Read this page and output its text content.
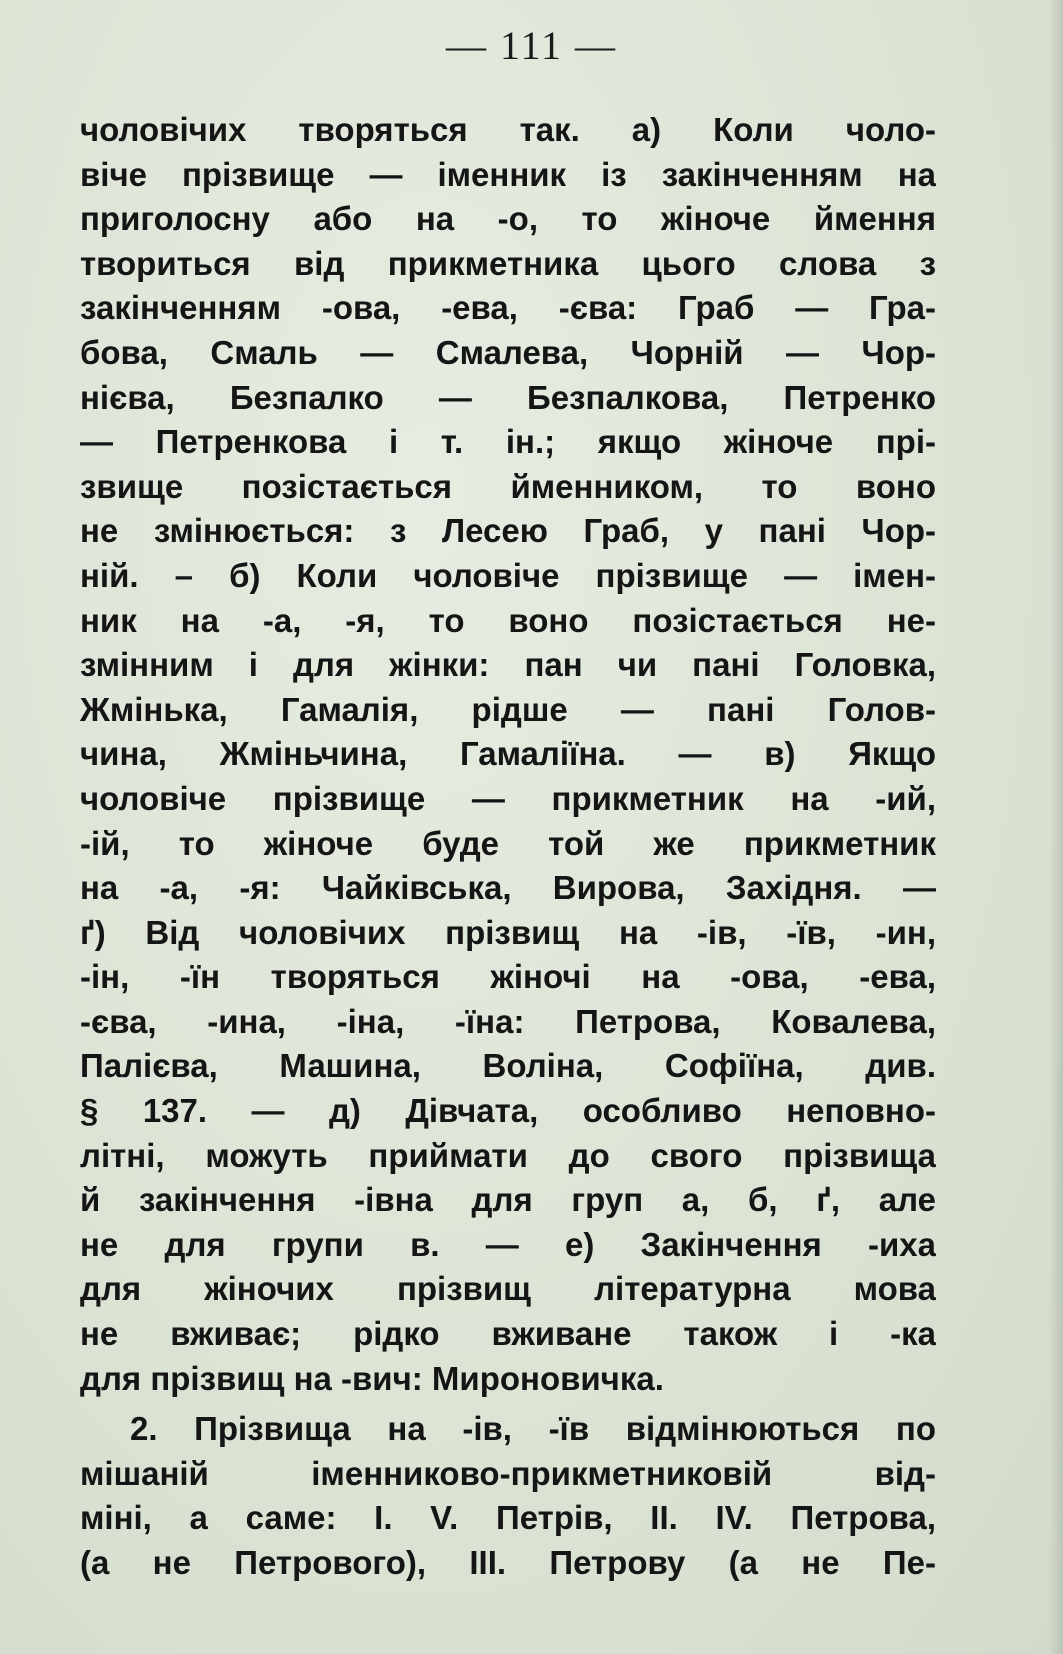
— 111 —
чоловічих творяться так. а) Коли чоло-
віче прізвище — іменник із закінченням на
приголосну або на -о, то жіноче ймення
твориться від прикметника цього слова з
закінченням -ова, -ева, -єва: Граб — Гра-
бова, Смаль — Смалева, Чорній — Чор-
нієва, Безпалко — Безпалкова, Петренко
— Петренкова і т. ін.; якщо жіноче прі-
звище позістається йменником, то воно
не змінюється: з Лесею Граб, у пані Чор-
ній. – б) Коли чоловіче прізвище — імен-
ник на -а, -я, то воно позістається не-
змінним і для жінки: пан чи пані Головка,
Жмінька, Гамалія, рідше — пані Голов-
чина, Жміньчина, Гамаліїна. — в) Якщо
чоловіче прізвище — прикметник на -ий,
-ій, то жіноче буде той же прикметник
на -а, -я: Чайківська, Вирова, Західня. —
ґ) Від чоловічих прізвищ на -ів, -їв, -ин,
-ін, -їн творяться жіночі на -ова, -ева,
-єва, -ина, -іна, -їна: Петрова, Ковалева,
Палієва, Машина, Воліна, Софіїна, див.
§ 137. — д) Дівчата, особливо неповно-
літні, можуть приймати до свого прізвища
й закінчення -івна для груп а, б, ґ, але
не для групи в. — е) Закінчення -иха
для жіночих прізвищ літературна мова
не вживає; рідко вживане також і -ка
для прізвищ на -вич: Мироновичка.
2. Прізвища на -ів, -їв відмінюються по
мішаній іменниково-прикметниковій від-
міні, а саме: І. V. Петрів, ІІ. ІV. Петрова,
(а не Петрового), ІІІ. Петрову (а не Пе-
